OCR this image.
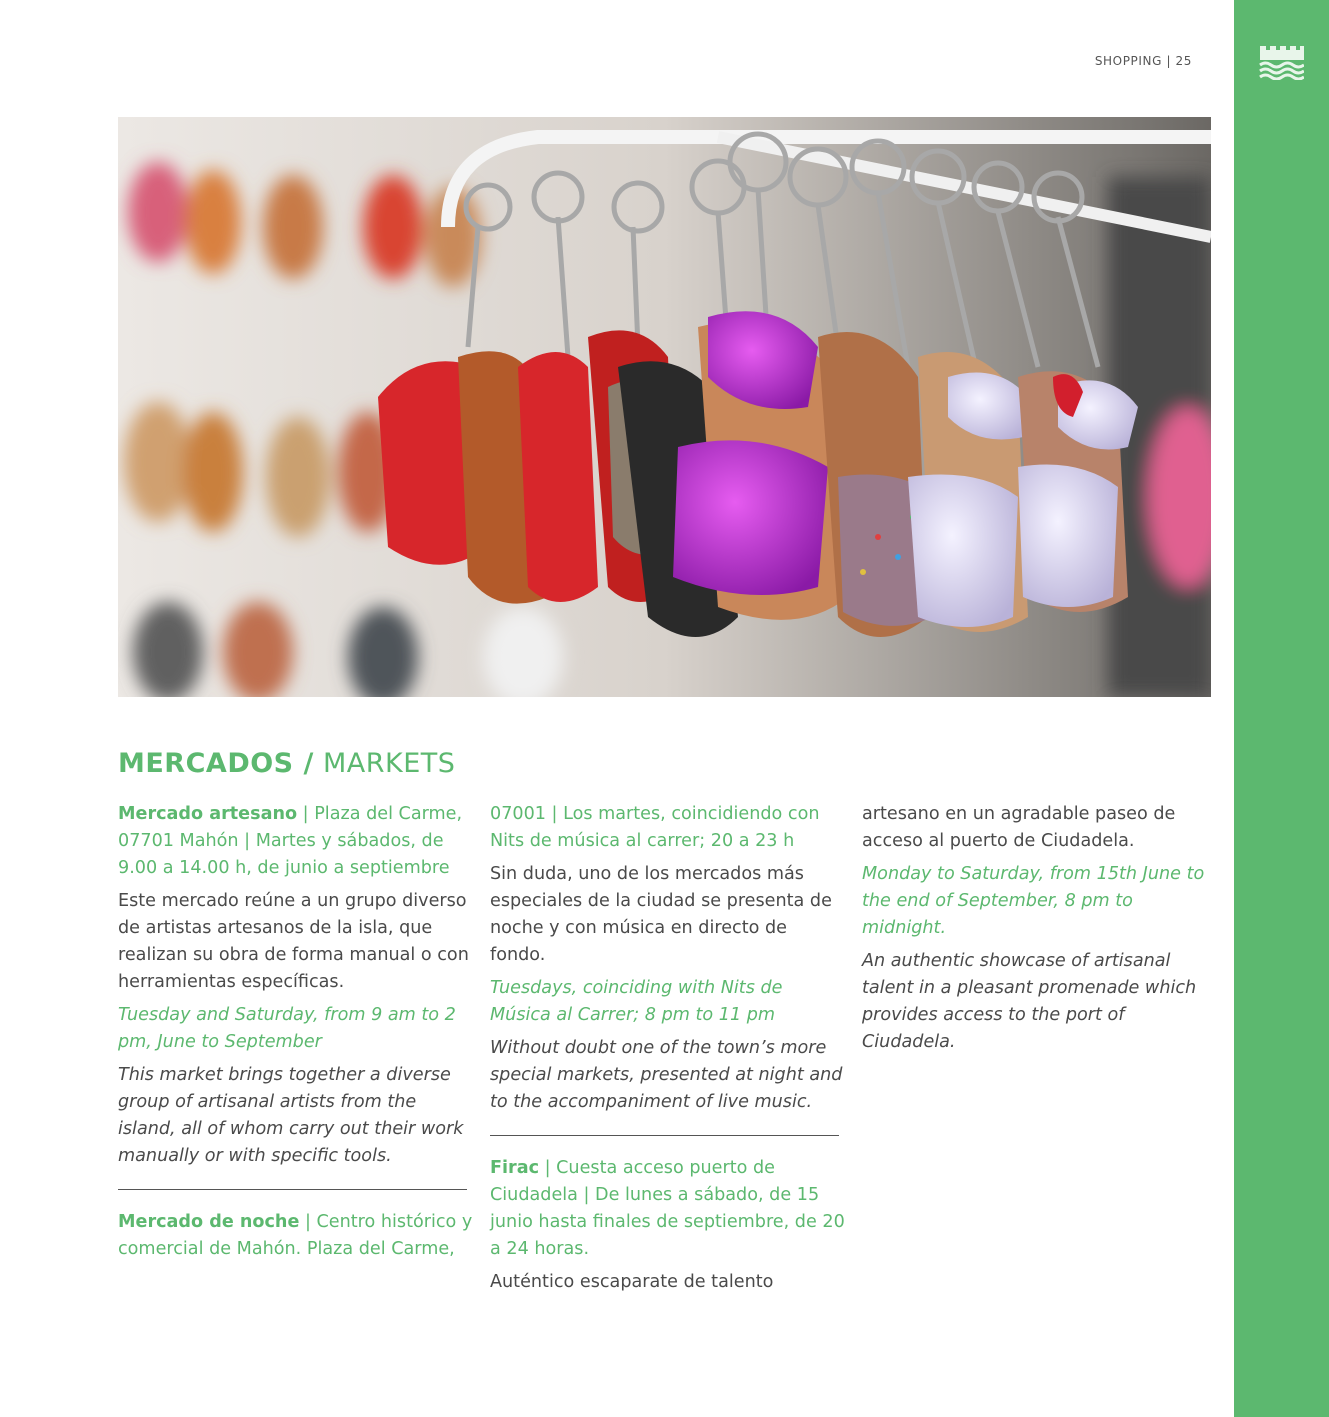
SHOPPING | 25
MERCADOS / MARKETS

Mercado artesano | Plaza del Carme, 07701 Mahón | Martes y sábados, de 9.00 a 14.00 h, de junio a septiembre

Este mercado reúne a un grupo diverso de artistas artesanos de la isla, que realizan su obra de forma manual o con herramientas específicas.

Tuesday and Saturday, from 9 am to 2 pm, June to September

This market brings together a diverse group of artisanal artists from the island, all of whom carry out their work manually or with specific tools.

Mercado de noche | Centro histórico y comercial de Mahón. Plaza del Carme,

07001 | Los martes, coincidiendo con Nits de música al carrer; 20 a 23 h

Sin duda, uno de los mercados más especiales de la ciudad se presenta de noche y con música en directo de fondo.

Tuesdays, coinciding with Nits de Música al Carrer; 8 pm to 11 pm

Without doubt one of the town’s more special markets, presented at night and to the accompaniment of live music.

Firac | Cuesta acceso puerto de Ciudadela | De lunes a sábado, de 15 junio hasta finales de septiembre, de 20 a 24 horas.

Auténtico escaparate de talento

artesano en un agradable paseo de acceso al puerto de Ciudadela.

Monday to Saturday, from 15th June to the end of September, 8 pm to midnight.

An authentic showcase of artisanal talent in a pleasant promenade which provides access to the port of Ciudadela.
